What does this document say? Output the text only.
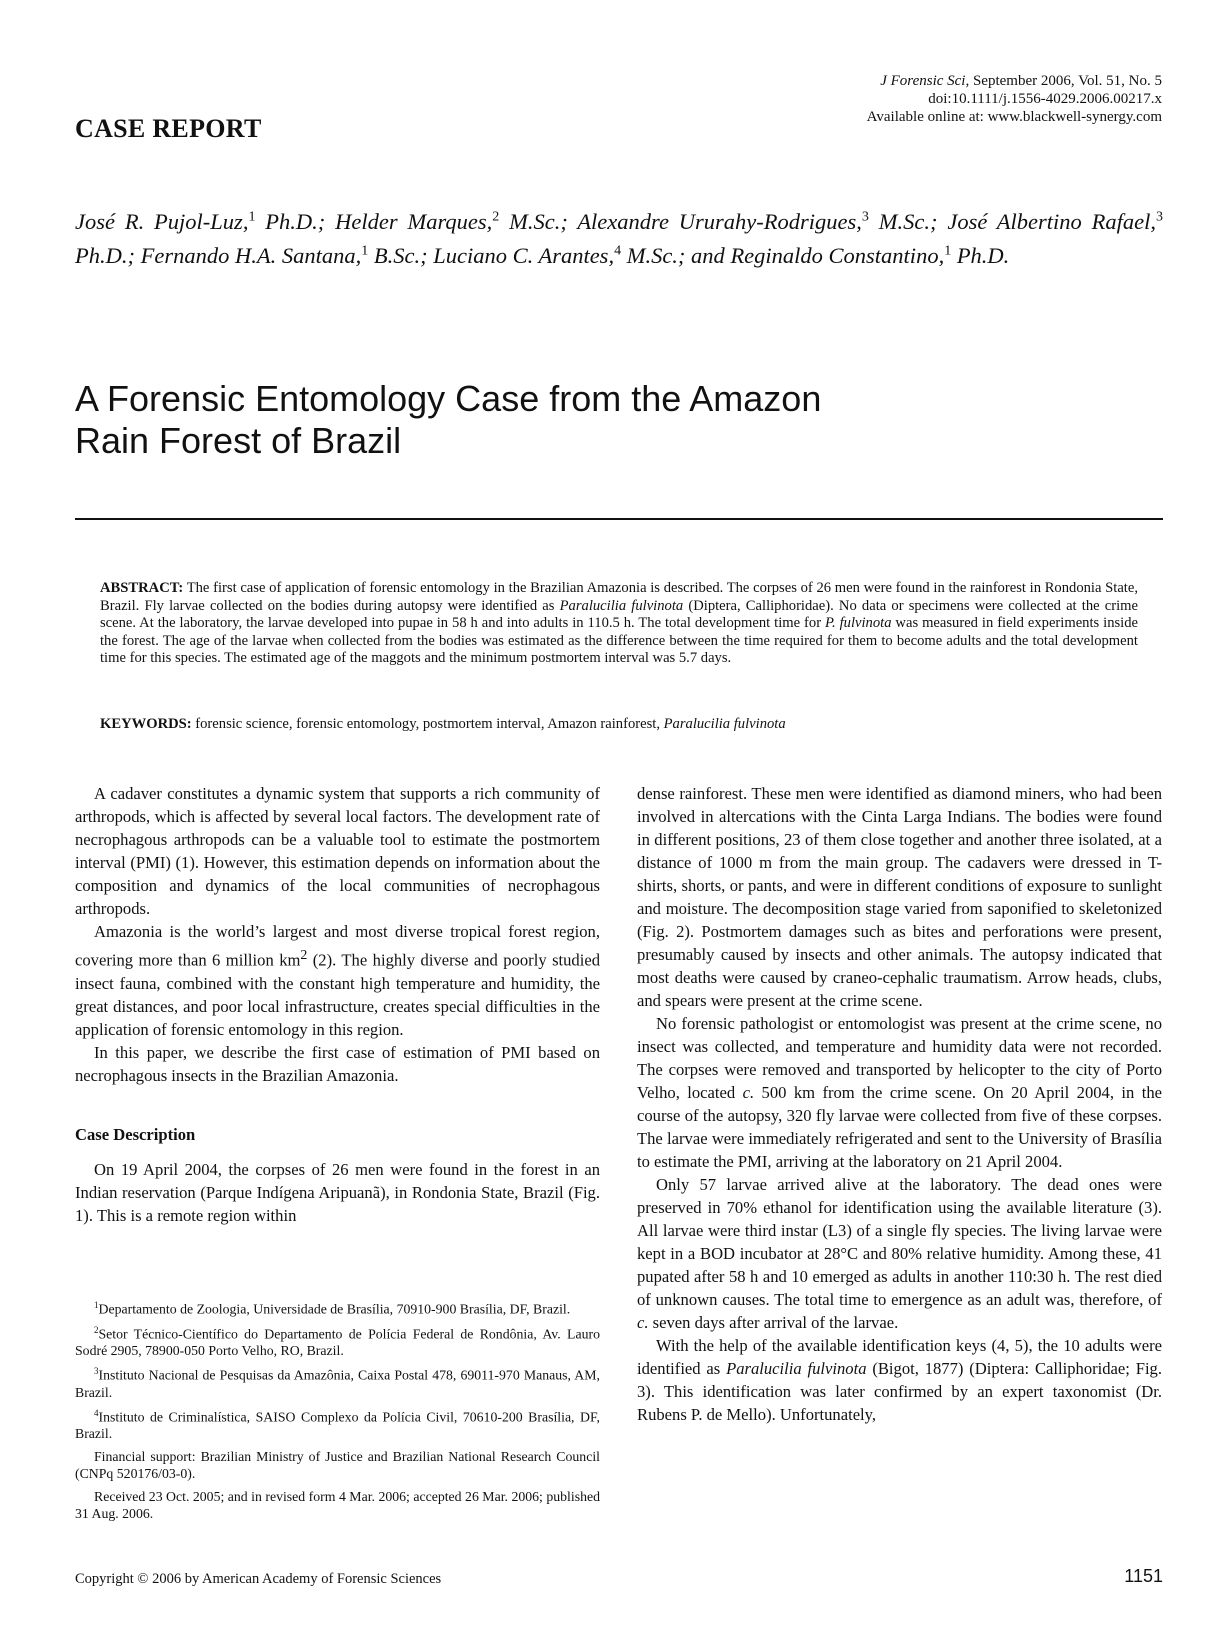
J Forensic Sci, September 2006, Vol. 51, No. 5
doi:10.1111/j.1556-4029.2006.00217.x
Available online at: www.blackwell-synergy.com
CASE REPORT
José R. Pujol-Luz,$^1$ Ph.D.; Helder Marques,$^2$ M.Sc.; Alexandre Ururahy-Rodrigues,$^3$ M.Sc.; José Albertino Rafael,$^3$ Ph.D.; Fernando H.A. Santana,$^1$ B.Sc.; Luciano C. Arantes,$^4$ M.Sc.; and Reginaldo Constantino,$^1$ Ph.D.
A Forensic Entomology Case from the Amazon
Rain Forest of Brazil
ABSTRACT: The first case of application of forensic entomology in the Brazilian Amazonia is described. The corpses of 26 men were found in the rainforest in Rondonia State, Brazil. Fly larvae collected on the bodies during autopsy were identified as Paralucilia fulvinota (Diptera, Calliphoridae). No data or specimens were collected at the crime scene. At the laboratory, the larvae developed into pupae in 58 h and into adults in 110.5 h. The total development time for P. fulvinota was measured in field experiments inside the forest. The age of the larvae when collected from the bodies was estimated as the difference between the time required for them to become adults and the total development time for this species. The estimated age of the maggots and the minimum postmortem interval was 5.7 days.
KEYWORDS: forensic science, forensic entomology, postmortem interval, Amazon rainforest, Paralucilia fulvinota

A cadaver constitutes a dynamic system that supports a rich community of arthropods, which is affected by several local factors. The development rate of necrophagous arthropods can be a valuable tool to estimate the postmortem interval (PMI) (1). However, this estimation depends on information about the composition and dynamics of the local communities of necrophagous arthropods.

Amazonia is the world’s largest and most diverse tropical forest region, covering more than 6 million $km^2$ (2). The highly diverse and poorly studied insect fauna, combined with the constant high temperature and humidity, the great distances, and poor local infrastructure, creates special difficulties in the application of forensic entomology in this region.

In this paper, we describe the first case of estimation of PMI based on necrophagous insects in the Brazilian Amazonia.

Case Description

On 19 April 2004, the corpses of 26 men were found in the forest in an Indian reservation (Parque Indígena Aripuanã), in Rondonia State, Brazil (Fig. 1). This is a remote region within

$^1$Departamento de Zoologia, Universidade de Brasília, 70910-900 Brasília, DF, Brazil.

$^2$Setor Técnico-Científico do Departamento de Polícia Federal de Rondônia, Av. Lauro Sodré 2905, 78900-050 Porto Velho, RO, Brazil.

$^3$Instituto Nacional de Pesquisas da Amazônia, Caixa Postal 478, 69011-970 Manaus, AM, Brazil.

$^4$Instituto de Criminalística, SAISO Complexo da Polícia Civil, 70610-200 Brasília, DF, Brazil.

Financial support: Brazilian Ministry of Justice and Brazilian National Research Council (CNPq 520176/03-0).

Received 23 Oct. 2005; and in revised form 4 Mar. 2006; accepted 26 Mar. 2006; published 31 Aug. 2006.

dense rainforest. These men were identified as diamond miners, who had been involved in altercations with the Cinta Larga Indians. The bodies were found in different positions, 23 of them close together and another three isolated, at a distance of 1000 m from the main group. The cadavers were dressed in T-shirts, shorts, or pants, and were in different conditions of exposure to sunlight and moisture. The decomposition stage varied from saponified to skeletonized (Fig. 2). Postmortem damages such as bites and perforations were present, presumably caused by insects and other animals. The autopsy indicated that most deaths were caused by craneo-cephalic traumatism. Arrow heads, clubs, and spears were present at the crime scene.

No forensic pathologist or entomologist was present at the crime scene, no insect was collected, and temperature and humidity data were not recorded. The corpses were removed and transported by helicopter to the city of Porto Velho, located c. 500 km from the crime scene. On 20 April 2004, in the course of the autopsy, 320 fly larvae were collected from five of these corpses. The larvae were immediately refrigerated and sent to the University of Brasília to estimate the PMI, arriving at the laboratory on 21 April 2004.

Only 57 larvae arrived alive at the laboratory. The dead ones were preserved in 70% ethanol for identification using the available literature (3). All larvae were third instar (L3) of a single fly species. The living larvae were kept in a BOD incubator at 28°C and 80% relative humidity. Among these, 41 pupated after 58 h and 10 emerged as adults in another 110:30 h. The rest died of unknown causes. The total time to emergence as an adult was, therefore, of c. seven days after arrival of the larvae.

With the help of the available identification keys (4, 5), the 10 adults were identified as Paralucilia fulvinota (Bigot, 1877) (Diptera: Calliphoridae; Fig. 3). This identification was later confirmed by an expert taxonomist (Dr. Rubens P. de Mello). Unfortunately,

Copyright © 2006 by American Academy of Forensic Sciences	1151
